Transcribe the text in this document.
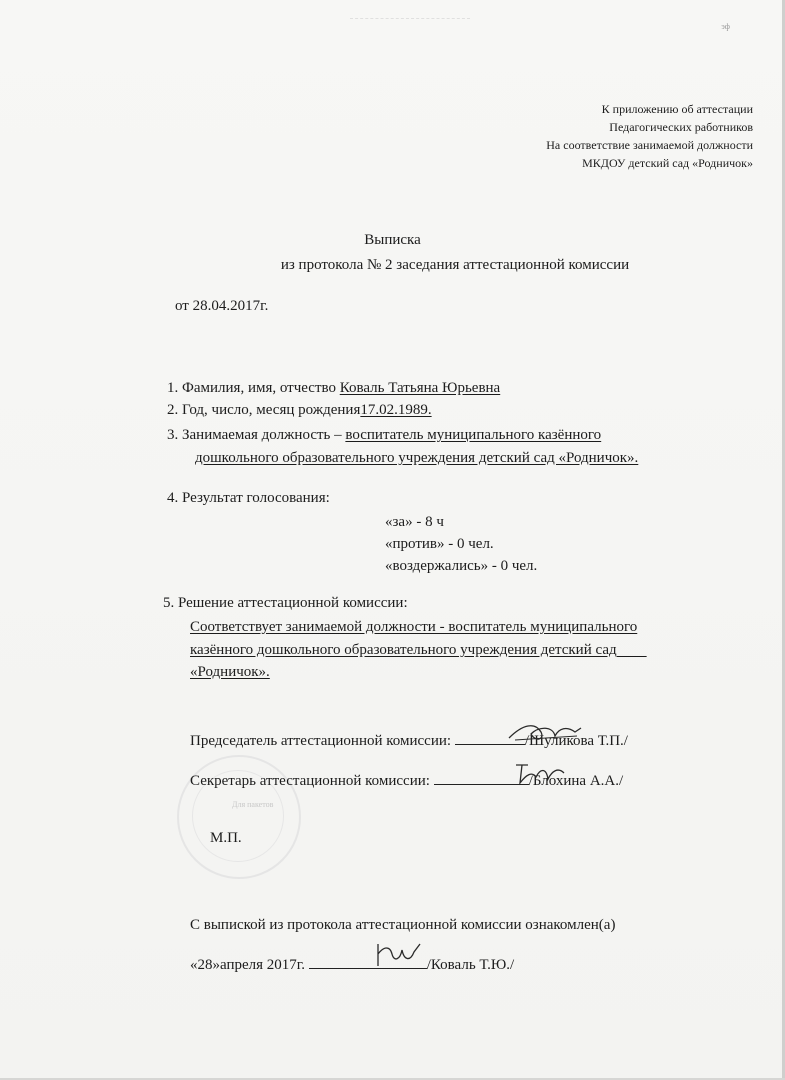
эф
К приложению об аттестации
Педагогических работников
На соответствие занимаемой должности
МКДОУ детский сад «Родничок»
Выписка
из протокола № 2 заседания аттестационной комиссии
от 28.04.2017г.
1. Фамилия, имя, отчество Коваль Татьяна Юрьевна
2. Год, число, месяц рождения17.02.1989.
3. Занимаемая должность – воспитатель муниципального казённого
дошкольного образовательного учреждения детский сад «Родничок».
4. Результат голосования:
«за» - 8 ч
«против» - 0 чел.
«воздержались» - 0 чел.
5. Решение аттестационной комиссии:
Соответствует занимаемой должности - воспитатель муниципального
казённого дошкольного образовательного учреждения детский сад    
«Родничок».
Для пакетов
Председатель аттестационной комиссии:	/Шуликова Т.П./
Секретарь аттестационной комиссии:	/Блохина А.А./
М.П.
С выпиской из протокола аттестационной комиссии ознакомлен(а)
«28»апреля 2017г.	/Коваль Т.Ю./
